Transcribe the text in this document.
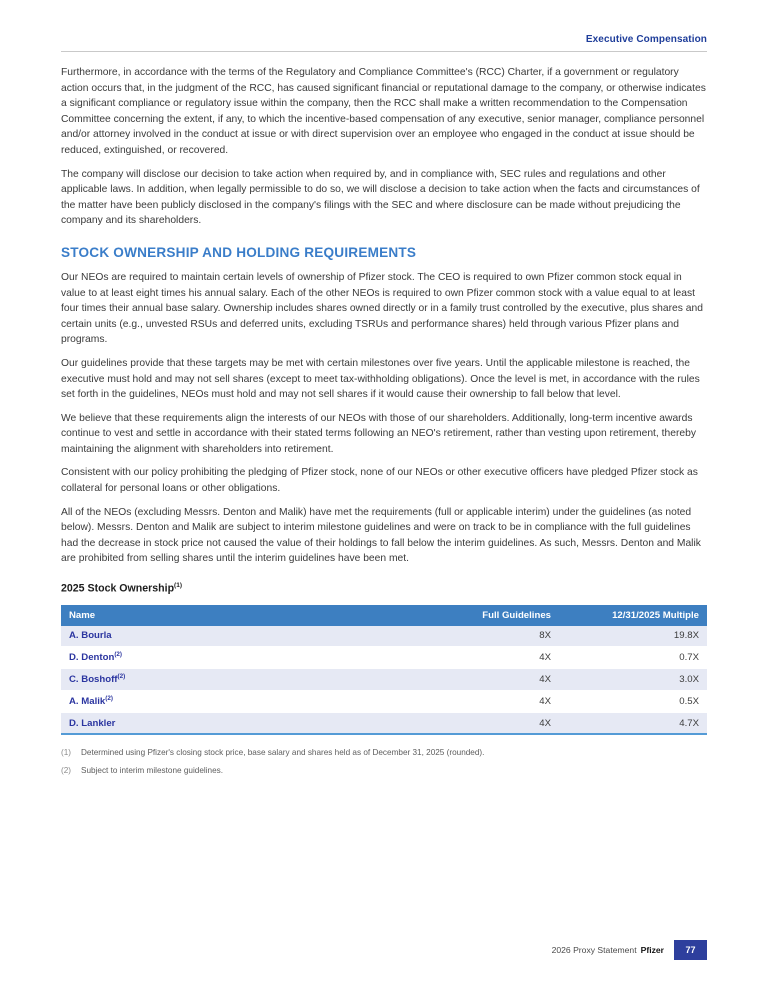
Executive Compensation

Furthermore, in accordance with the terms of the Regulatory and Compliance Committee's (RCC) Charter, if a government or regulatory action occurs that, in the judgment of the RCC, has caused significant financial or reputational damage to the company, or otherwise indicates a significant compliance or regulatory issue within the company, then the RCC shall make a written recommendation to the Compensation Committee concerning the extent, if any, to which the incentive-based compensation of any executive, senior manager, compliance personnel and/or attorney involved in the conduct at issue or with direct supervision over an employee who engaged in the conduct at issue should be reduced, extinguished, or recovered.

The company will disclose our decision to take action when required by, and in compliance with, SEC rules and regulations and other applicable laws. In addition, when legally permissible to do so, we will disclose a decision to take action when the facts and circumstances of the matter have been publicly disclosed in the company's filings with the SEC and where disclosure can be made without prejudicing the company and its shareholders.

STOCK OWNERSHIP AND HOLDING REQUIREMENTS

Our NEOs are required to maintain certain levels of ownership of Pfizer stock. The CEO is required to own Pfizer common stock equal in value to at least eight times his annual salary. Each of the other NEOs is required to own Pfizer common stock with a value equal to at least four times their annual base salary. Ownership includes shares owned directly or in a family trust controlled by the executive, plus shares and certain units (e.g., unvested RSUs and deferred units, excluding TSRUs and performance shares) held through various Pfizer plans and programs.

Our guidelines provide that these targets may be met with certain milestones over five years. Until the applicable milestone is reached, the executive must hold and may not sell shares (except to meet tax-withholding obligations). Once the level is met, in accordance with the rules set forth in the guidelines, NEOs must hold and may not sell shares if it would cause their ownership to fall below that level.

We believe that these requirements align the interests of our NEOs with those of our shareholders. Additionally, long-term incentive awards continue to vest and settle in accordance with their stated terms following an NEO's retirement, rather than vesting upon retirement, thereby maintaining the alignment with shareholders into retirement.

Consistent with our policy prohibiting the pledging of Pfizer stock, none of our NEOs or other executive officers have pledged Pfizer stock as collateral for personal loans or other obligations.

All of the NEOs (excluding Messrs. Denton and Malik) have met the requirements (full or applicable interim) under the guidelines (as noted below). Messrs. Denton and Malik are subject to interim milestone guidelines and were on track to be in compliance with the full guidelines had the decrease in stock price not caused the value of their holdings to fall below the interim guidelines. As such, Messrs. Denton and Malik are prohibited from selling shares until the interim guidelines have been met.

2025 Stock Ownership$^{(1)}$
Name	Full Guidelines	12/31/2025 Multiple
A. Bourla	8X	19.8X
D. Denton$^{(2)}$	4X	0.7X
C. Boshoff$^{(2)}$	4X	3.0X
A. Malik$^{(2)}$	4X	0.5X
D. Lankler	4X	4.7X
(1)	Determined using Pfizer's closing stock price, base salary and shares held as of December 31, 2025 (rounded).
(2)	Subject to interim milestone guidelines.
2026 Proxy Statement Pfizer	77
